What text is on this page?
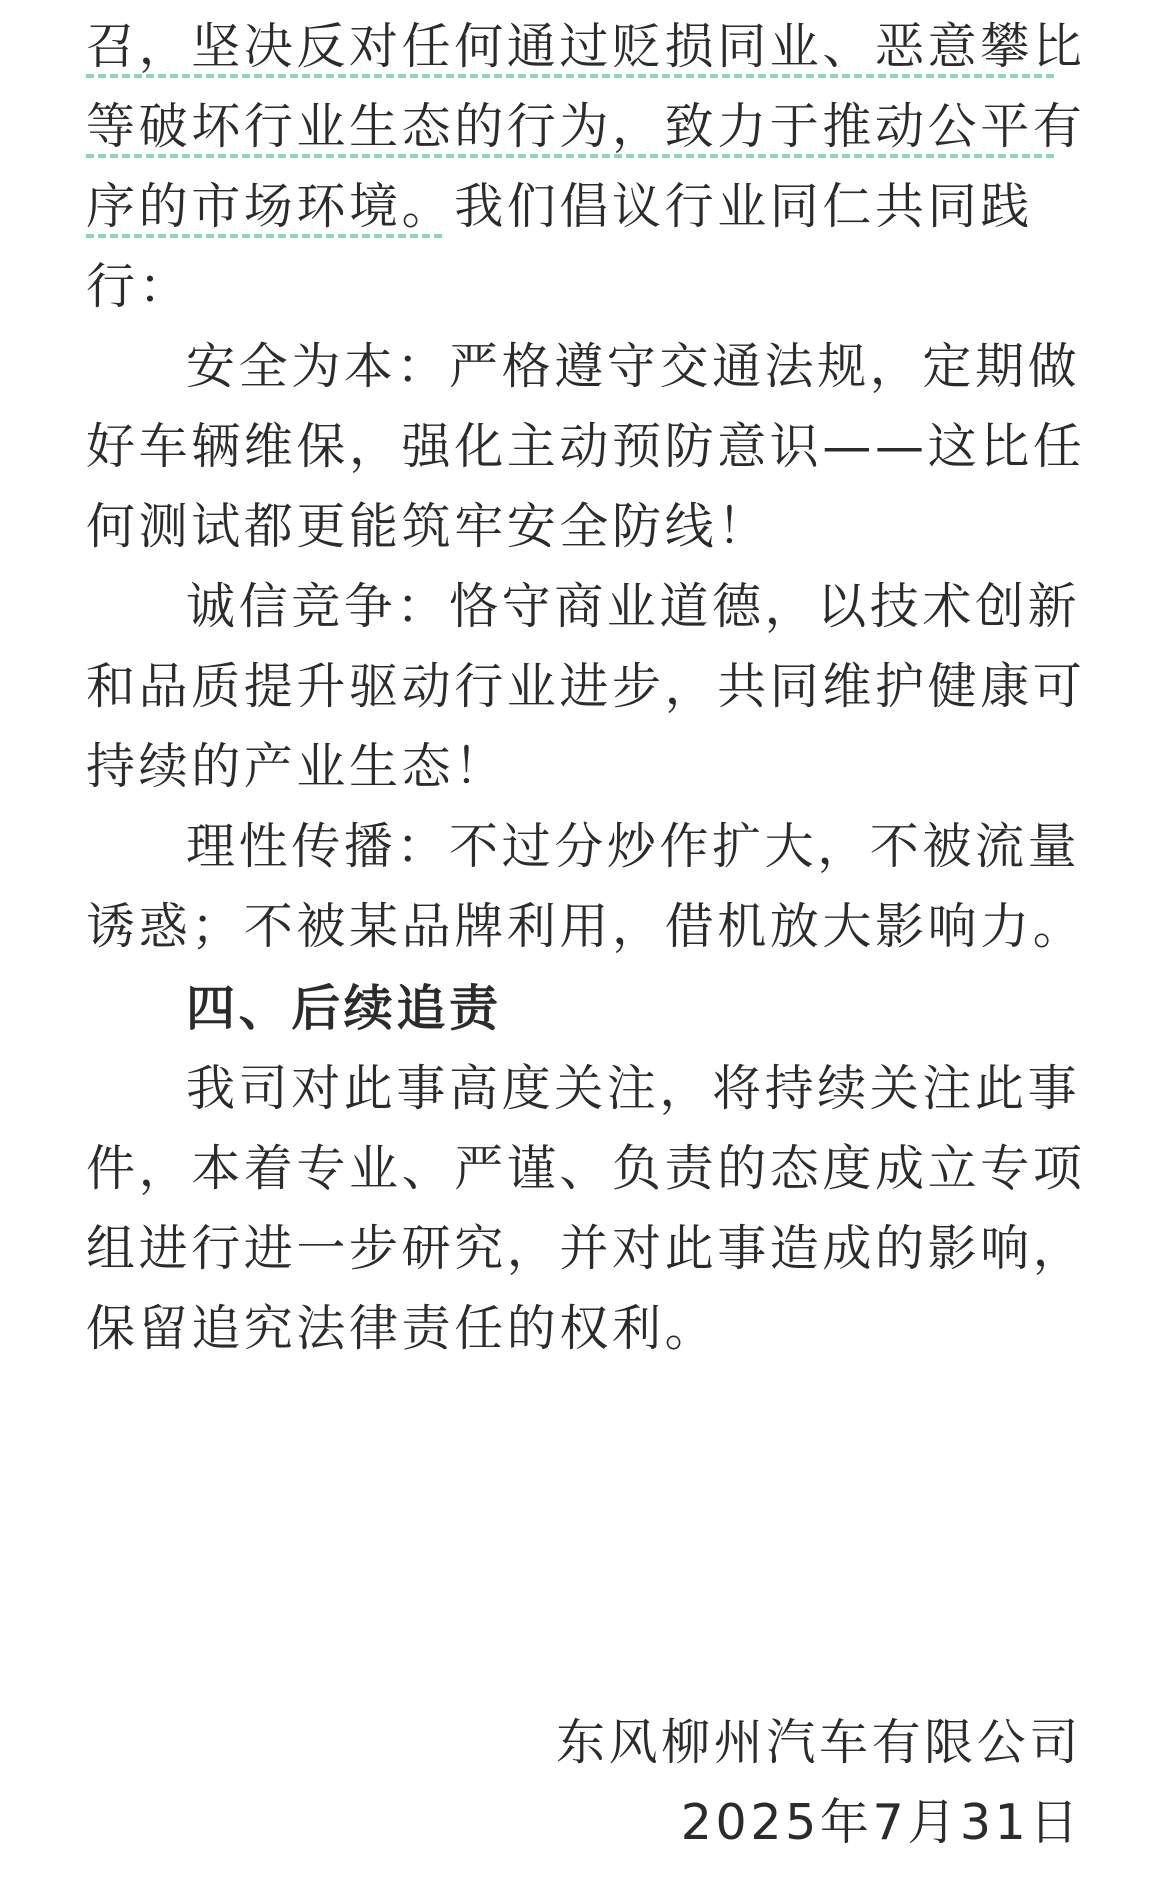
召，坚决反对任何通过贬损同业、恶意攀比
等破坏行业生态的行为，致力于推动公平有
序的市场环境。我们倡议行业同仁共同践
行：
安全为本：严格遵守交通法规，定期做
好车辆维保，强化主动预防意识——这比任
何测试都更能筑牢安全防线！
诚信竞争：恪守商业道德，以技术创新
和品质提升驱动行业进步，共同维护健康可
持续的产业生态！
理性传播：不过分炒作扩大，不被流量
诱惑；不被某品牌利用，借机放大影响力。
四、后续追责
我司对此事高度关注，将持续关注此事
件，本着专业、严谨、负责的态度成立专项
组进行进一步研究，并对此事造成的影响，
保留追究法律责任的权利。
东风柳州汽车有限公司
2025年7月31日
